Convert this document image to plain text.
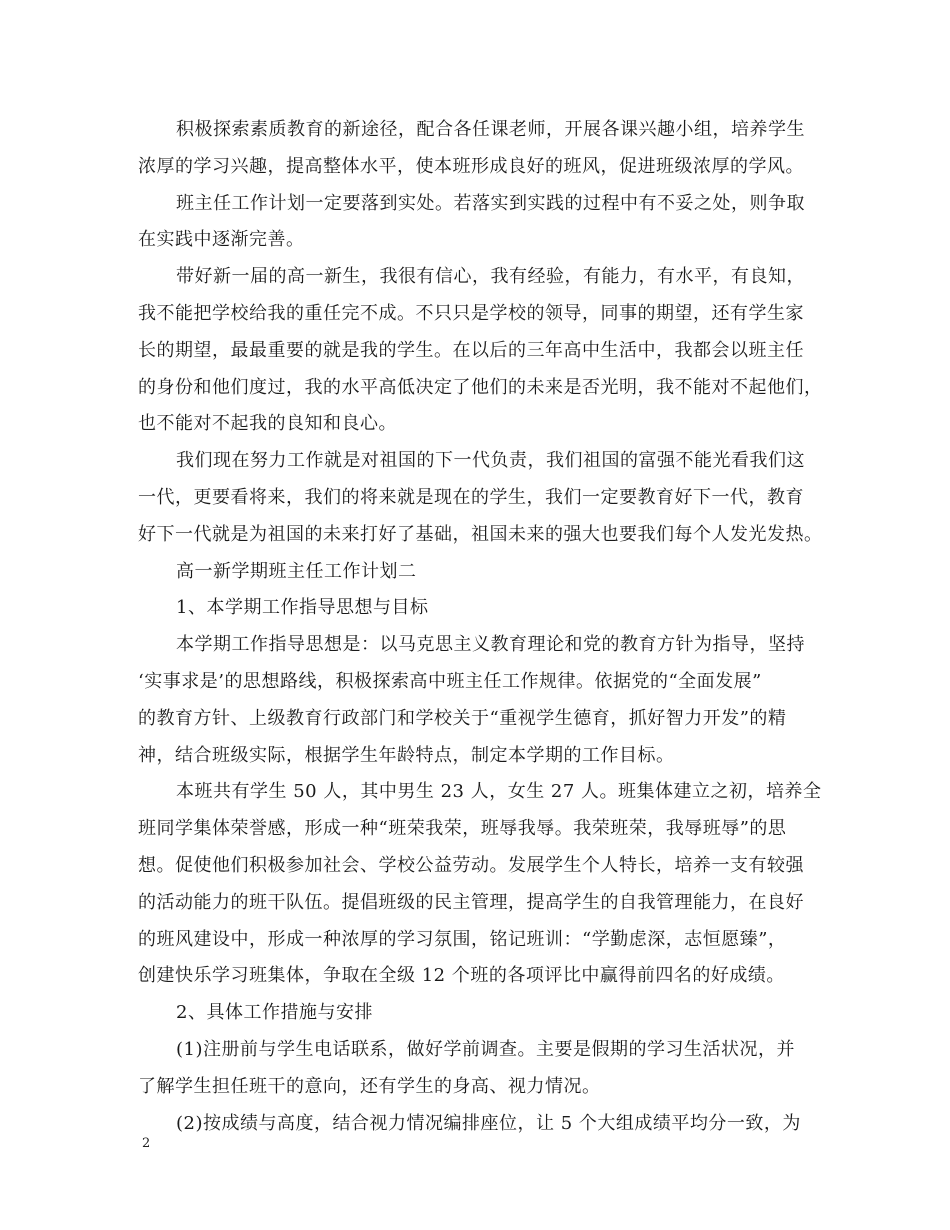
积极探索素质教育的新途径，配合各任课老师，开展各课兴趣小组，培养学生
浓厚的学习兴趣，提高整体水平，使本班形成良好的班风，促进班级浓厚的学风。
班主任工作计划一定要落到实处。若落实到实践的过程中有不妥之处，则争取
在实践中逐渐完善。
带好新一届的高一新生，我很有信心，我有经验，有能力，有水平，有良知，
我不能把学校给我的重任完不成。不只只是学校的领导，同事的期望，还有学生家
长的期望，最最重要的就是我的学生。在以后的三年高中生活中，我都会以班主任
的身份和他们度过，我的水平高低决定了他们的未来是否光明，我不能对不起他们，
也不能对不起我的良知和良心。
我们现在努力工作就是对祖国的下一代负责，我们祖国的富强不能光看我们这
一代，更要看将来，我们的将来就是现在的学生，我们一定要教育好下一代，教育
好下一代就是为祖国的未来打好了基础，祖国未来的强大也要我们每个人发光发热。
高一新学期班主任工作计划二
1、本学期工作指导思想与目标
本学期工作指导思想是：以马克思主义教育理论和党的教育方针为指导，坚持
‘实事求是’的思想路线，积极探索高中班主任工作规律。依据党的“全面发展”
的教育方针、上级教育行政部门和学校关于“重视学生德育，抓好智力开发”的精
神，结合班级实际，根据学生年龄特点，制定本学期的工作目标。
本班共有学生 50 人，其中男生 23 人，女生 27 人。班集体建立之初，培养全
班同学集体荣誉感，形成一种“班荣我荣，班辱我辱。我荣班荣，我辱班辱”的思
想。促使他们积极参加社会、学校公益劳动。发展学生个人特长，培养一支有较强
的活动能力的班干队伍。提倡班级的民主管理，提高学生的自我管理能力，在良好
的班风建设中，形成一种浓厚的学习氛围，铭记班训：“学勤虑深，志恒愿臻”，
创建快乐学习班集体，争取在全级 12 个班的各项评比中赢得前四名的好成绩。
2、具体工作措施与安排
(1)注册前与学生电话联系，做好学前调查。主要是假期的学习生活状况，并
了解学生担任班干的意向，还有学生的身高、视力情况。
(2)按成绩与高度，结合视力情况编排座位，让 5 个大组成绩平均分一致，为
2
